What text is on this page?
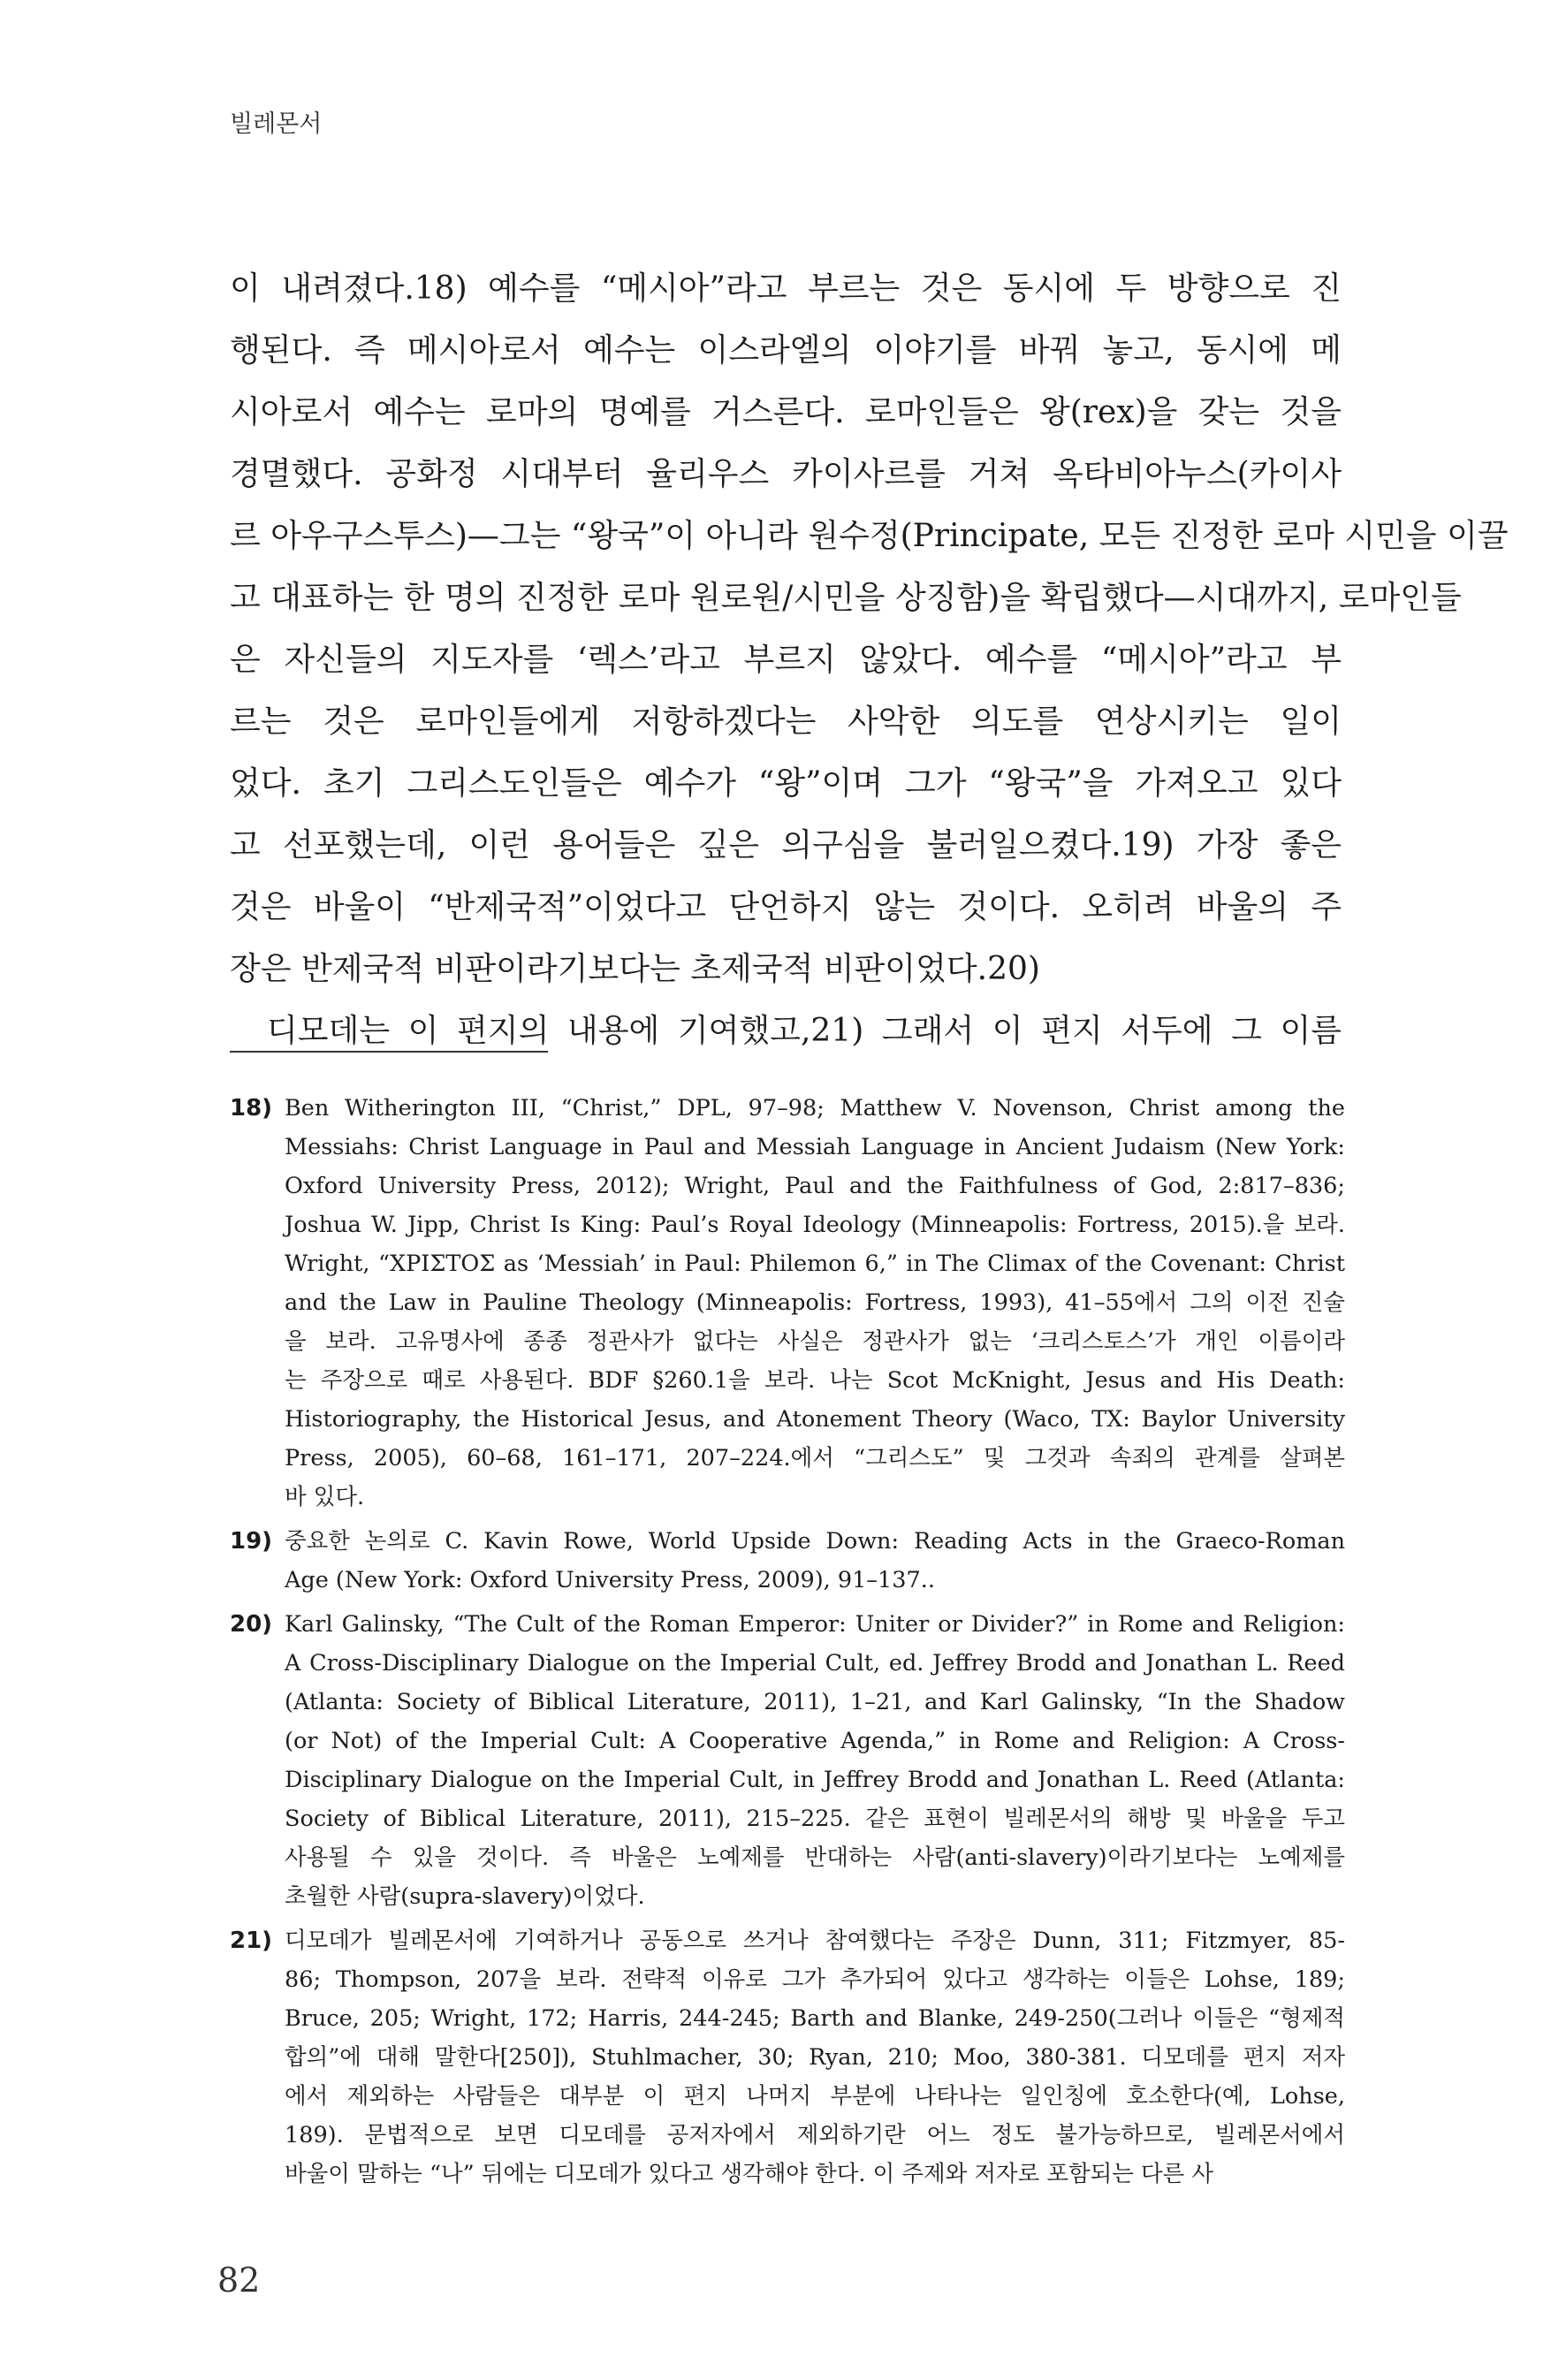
빌레몬서
이 내려졌다.18) 예수를 “메시아”라고 부르는 것은 동시에 두 방향으로 진
행된다. 즉 메시아로서 예수는 이스라엘의 이야기를 바꿔 놓고, 동시에 메
시아로서 예수는 로마의 명예를 거스른다. 로마인들은 왕(rex)을 갖는 것을
경멸했다. 공화정 시대부터 율리우스 카이사르를 거쳐 옥타비아누스(카이사
르 아우구스투스)—그는 “왕국”이 아니라 원수정(Principate, 모든 진정한 로마 시민을 이끌
고 대표하는 한 명의 진정한 로마 원로원/시민을 상징함)을 확립했다—시대까지, 로마인들
은 자신들의 지도자를 ‘렉스’라고 부르지 않았다. 예수를 “메시아”라고 부
르는 것은 로마인들에게 저항하겠다는 사악한 의도를 연상시키는 일이
었다. 초기 그리스도인들은 예수가 “왕”이며 그가 “왕국”을 가져오고 있다
고 선포했는데, 이런 용어들은 깊은 의구심을 불러일으켰다.19) 가장 좋은
것은 바울이 “반제국적”이었다고 단언하지 않는 것이다. 오히려 바울의 주
장은 반제국적 비판이라기보다는 초제국적 비판이었다.20)
디모데는 이 편지의 내용에 기여했고,21) 그래서 이 편지 서두에 그 이름
18) Ben Witherington III, “Christ,” DPL, 97–98; Matthew V. Novenson, Christ among the
Messiahs: Christ Language in Paul and Messiah Language in Ancient Judaism (New York:
Oxford University Press, 2012); Wright, Paul and the Faithfulness of God, 2:817–836;
Joshua W. Jipp, Christ Is King: Paul’s Royal Ideology (Minneapolis: Fortress, 2015).을 보라.
Wright, “ΧΡΙΣΤΟΣ as ‘Messiah’ in Paul: Philemon 6,” in The Climax of the Covenant: Christ
and the Law in Pauline Theology (Minneapolis: Fortress, 1993), 41–55에서 그의 이전 진술
을 보라. 고유명사에 종종 정관사가 없다는 사실은 정관사가 없는 ‘크리스토스’가 개인 이름이라
는 주장으로 때로 사용된다. BDF §260.1을 보라. 나는 Scot McKnight, Jesus and His Death:
Historiography, the Historical Jesus, and Atonement Theory (Waco, TX: Baylor University
Press, 2005), 60–68, 161–171, 207–224.에서 “그리스도” 및 그것과 속죄의 관계를 살펴본
바 있다.
19) 중요한 논의로 C. Kavin Rowe, World Upside Down: Reading Acts in the Graeco-Roman
Age (New York: Oxford University Press, 2009), 91–137..
20) Karl Galinsky, “The Cult of the Roman Emperor: Uniter or Divider?” in Rome and Religion:
A Cross-Disciplinary Dialogue on the Imperial Cult, ed. Jeffrey Brodd and Jonathan L. Reed
(Atlanta: Society of Biblical Literature, 2011), 1–21, and Karl Galinsky, “In the Shadow
(or Not) of the Imperial Cult: A Cooperative Agenda,” in Rome and Religion: A Cross-
Disciplinary Dialogue on the Imperial Cult, in Jeffrey Brodd and Jonathan L. Reed (Atlanta:
Society of Biblical Literature, 2011), 215–225. 같은 표현이 빌레몬서의 해방 및 바울을 두고
사용될 수 있을 것이다. 즉 바울은 노예제를 반대하는 사람(anti-slavery)이라기보다는 노예제를
초월한 사람(supra-slavery)이었다.
21) 디모데가 빌레몬서에 기여하거나 공동으로 쓰거나 참여했다는 주장은 Dunn, 311; Fitzmyer, 85-
86; Thompson, 207을 보라. 전략적 이유로 그가 추가되어 있다고 생각하는 이들은 Lohse, 189;
Bruce, 205; Wright, 172; Harris, 244-245; Barth and Blanke, 249-250(그러나 이들은 “형제적
합의”에 대해 말한다[250]), Stuhlmacher, 30; Ryan, 210; Moo, 380-381. 디모데를 편지 저자
에서 제외하는 사람들은 대부분 이 편지 나머지 부분에 나타나는 일인칭에 호소한다(예, Lohse,
189). 문법적으로 보면 디모데를 공저자에서 제외하기란 어느 정도 불가능하므로, 빌레몬서에서
바울이 말하는 “나” 뒤에는 디모데가 있다고 생각해야 한다. 이 주제와 저자로 포함되는 다른 사
82
